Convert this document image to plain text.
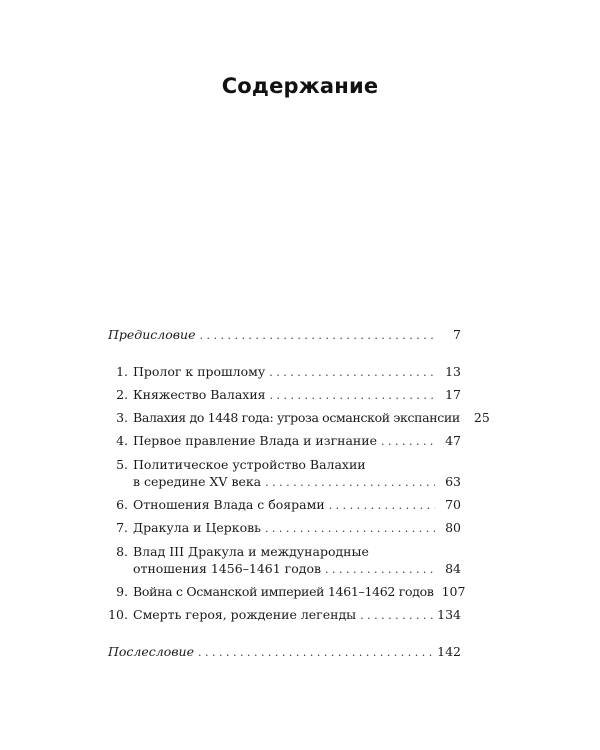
Содержание
Предисловие . . .	7
1. Пролог к прошлому . . .	13
2. Княжество Валахия . . .	17
3. Валахия до 1448 года: угроза османской экспансии	25
4. Первое правление Влада и изгнание . . .	47
5. Политическое устройство Валахии
в середине XV века . . .	63
6. Отношения Влада с боярами . . .	70
7. Дракула и Церковь . . .	80
8. Влад III Дракула и международные
отношения 1456–1461 годов . . .	84
9. Война с Османской империей 1461–1462 годов 107
10. Смерть героя, рождение легенды . . .	134
Послесловие . . .	142
